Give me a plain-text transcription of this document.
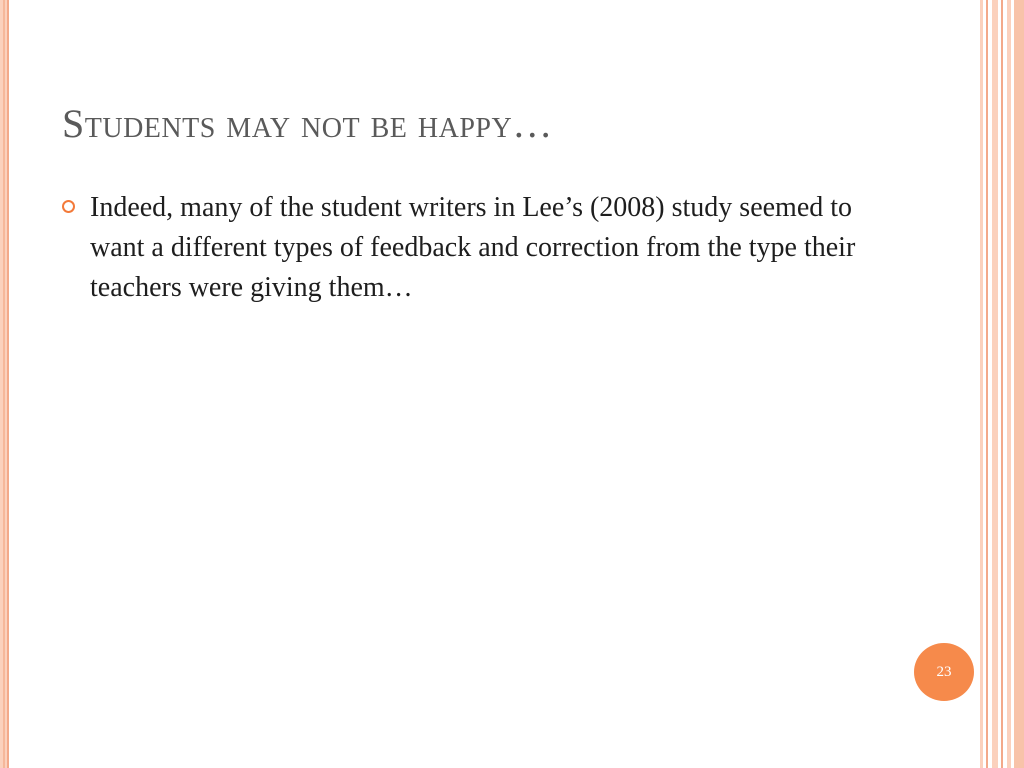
Students may not be happy…

Indeed, many of the student writers in Lee’s (2008) study seemed to want a different types of feedback and correction from the type their teachers were giving them…

23
